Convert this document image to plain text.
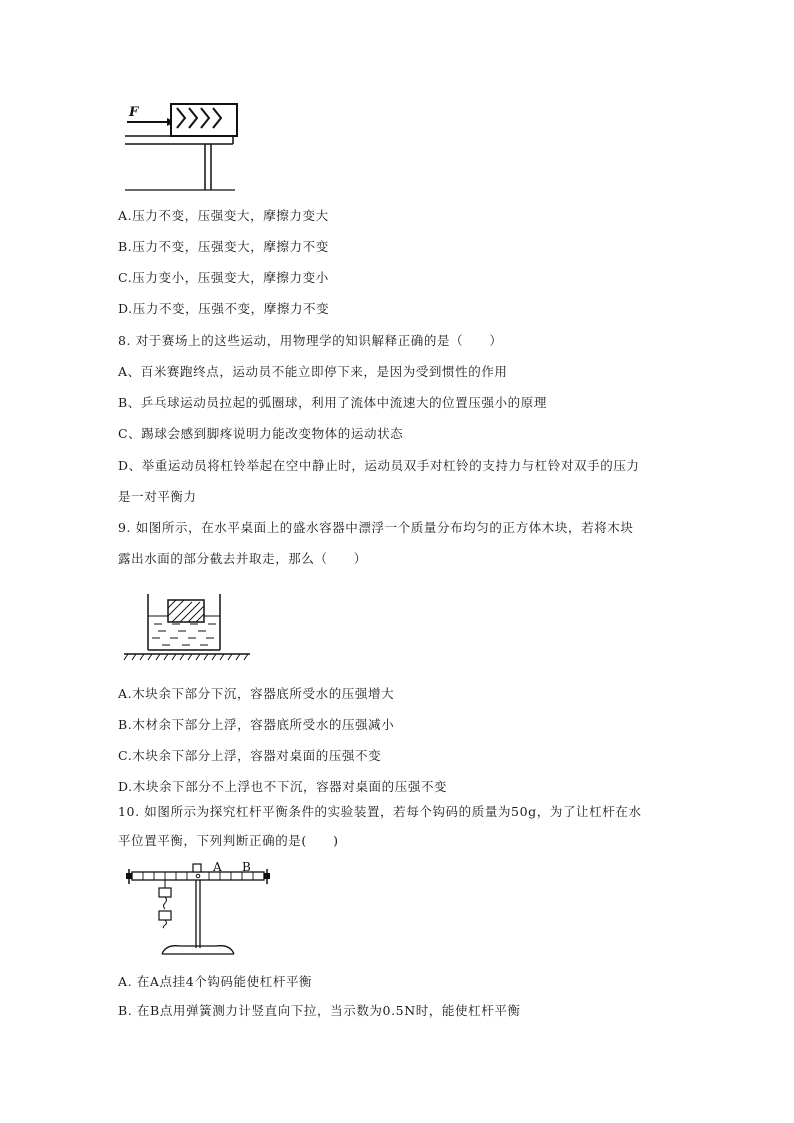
F
A.压力不变，压强变大，摩擦力变大
B.压力不变，压强变大，摩擦力不变
C.压力变小，压强变大，摩擦力变小
D.压力不变，压强不变，摩擦力不变
8. 对于赛场上的这些运动，用物理学的知识解释正确的是（　　）
A、百米赛跑终点，运动员不能立即停下来，是因为受到惯性的作用
B、乒乓球运动员拉起的弧圈球，利用了流体中流速大的位置压强小的原理
C、踢球会感到脚疼说明力能改变物体的运动状态
D、举重运动员将杠铃举起在空中静止时，运动员双手对杠铃的支持力与杠铃对双手的压力
是一对平衡力
9. 如图所示，在水平桌面上的盛水容器中漂浮一个质量分布均匀的正方体木块，若将木块
露出水面的部分截去并取走，那么（　　）
A.木块余下部分下沉，容器底所受水的压强增大
B.木材余下部分上浮，容器底所受水的压强减小
C.木块余下部分上浮，容器对桌面的压强不变
D.木块余下部分不上浮也不下沉，容器对桌面的压强不变
10. 如图所示为探究杠杆平衡条件的实验装置，若每个钩码的质量为50g，为了让杠杆在水
平位置平衡，下列判断正确的是(　　)
A B
A. 在A点挂4个钩码能使杠杆平衡
B. 在B点用弹簧测力计竖直向下拉，当示数为0.5N时，能使杠杆平衡
